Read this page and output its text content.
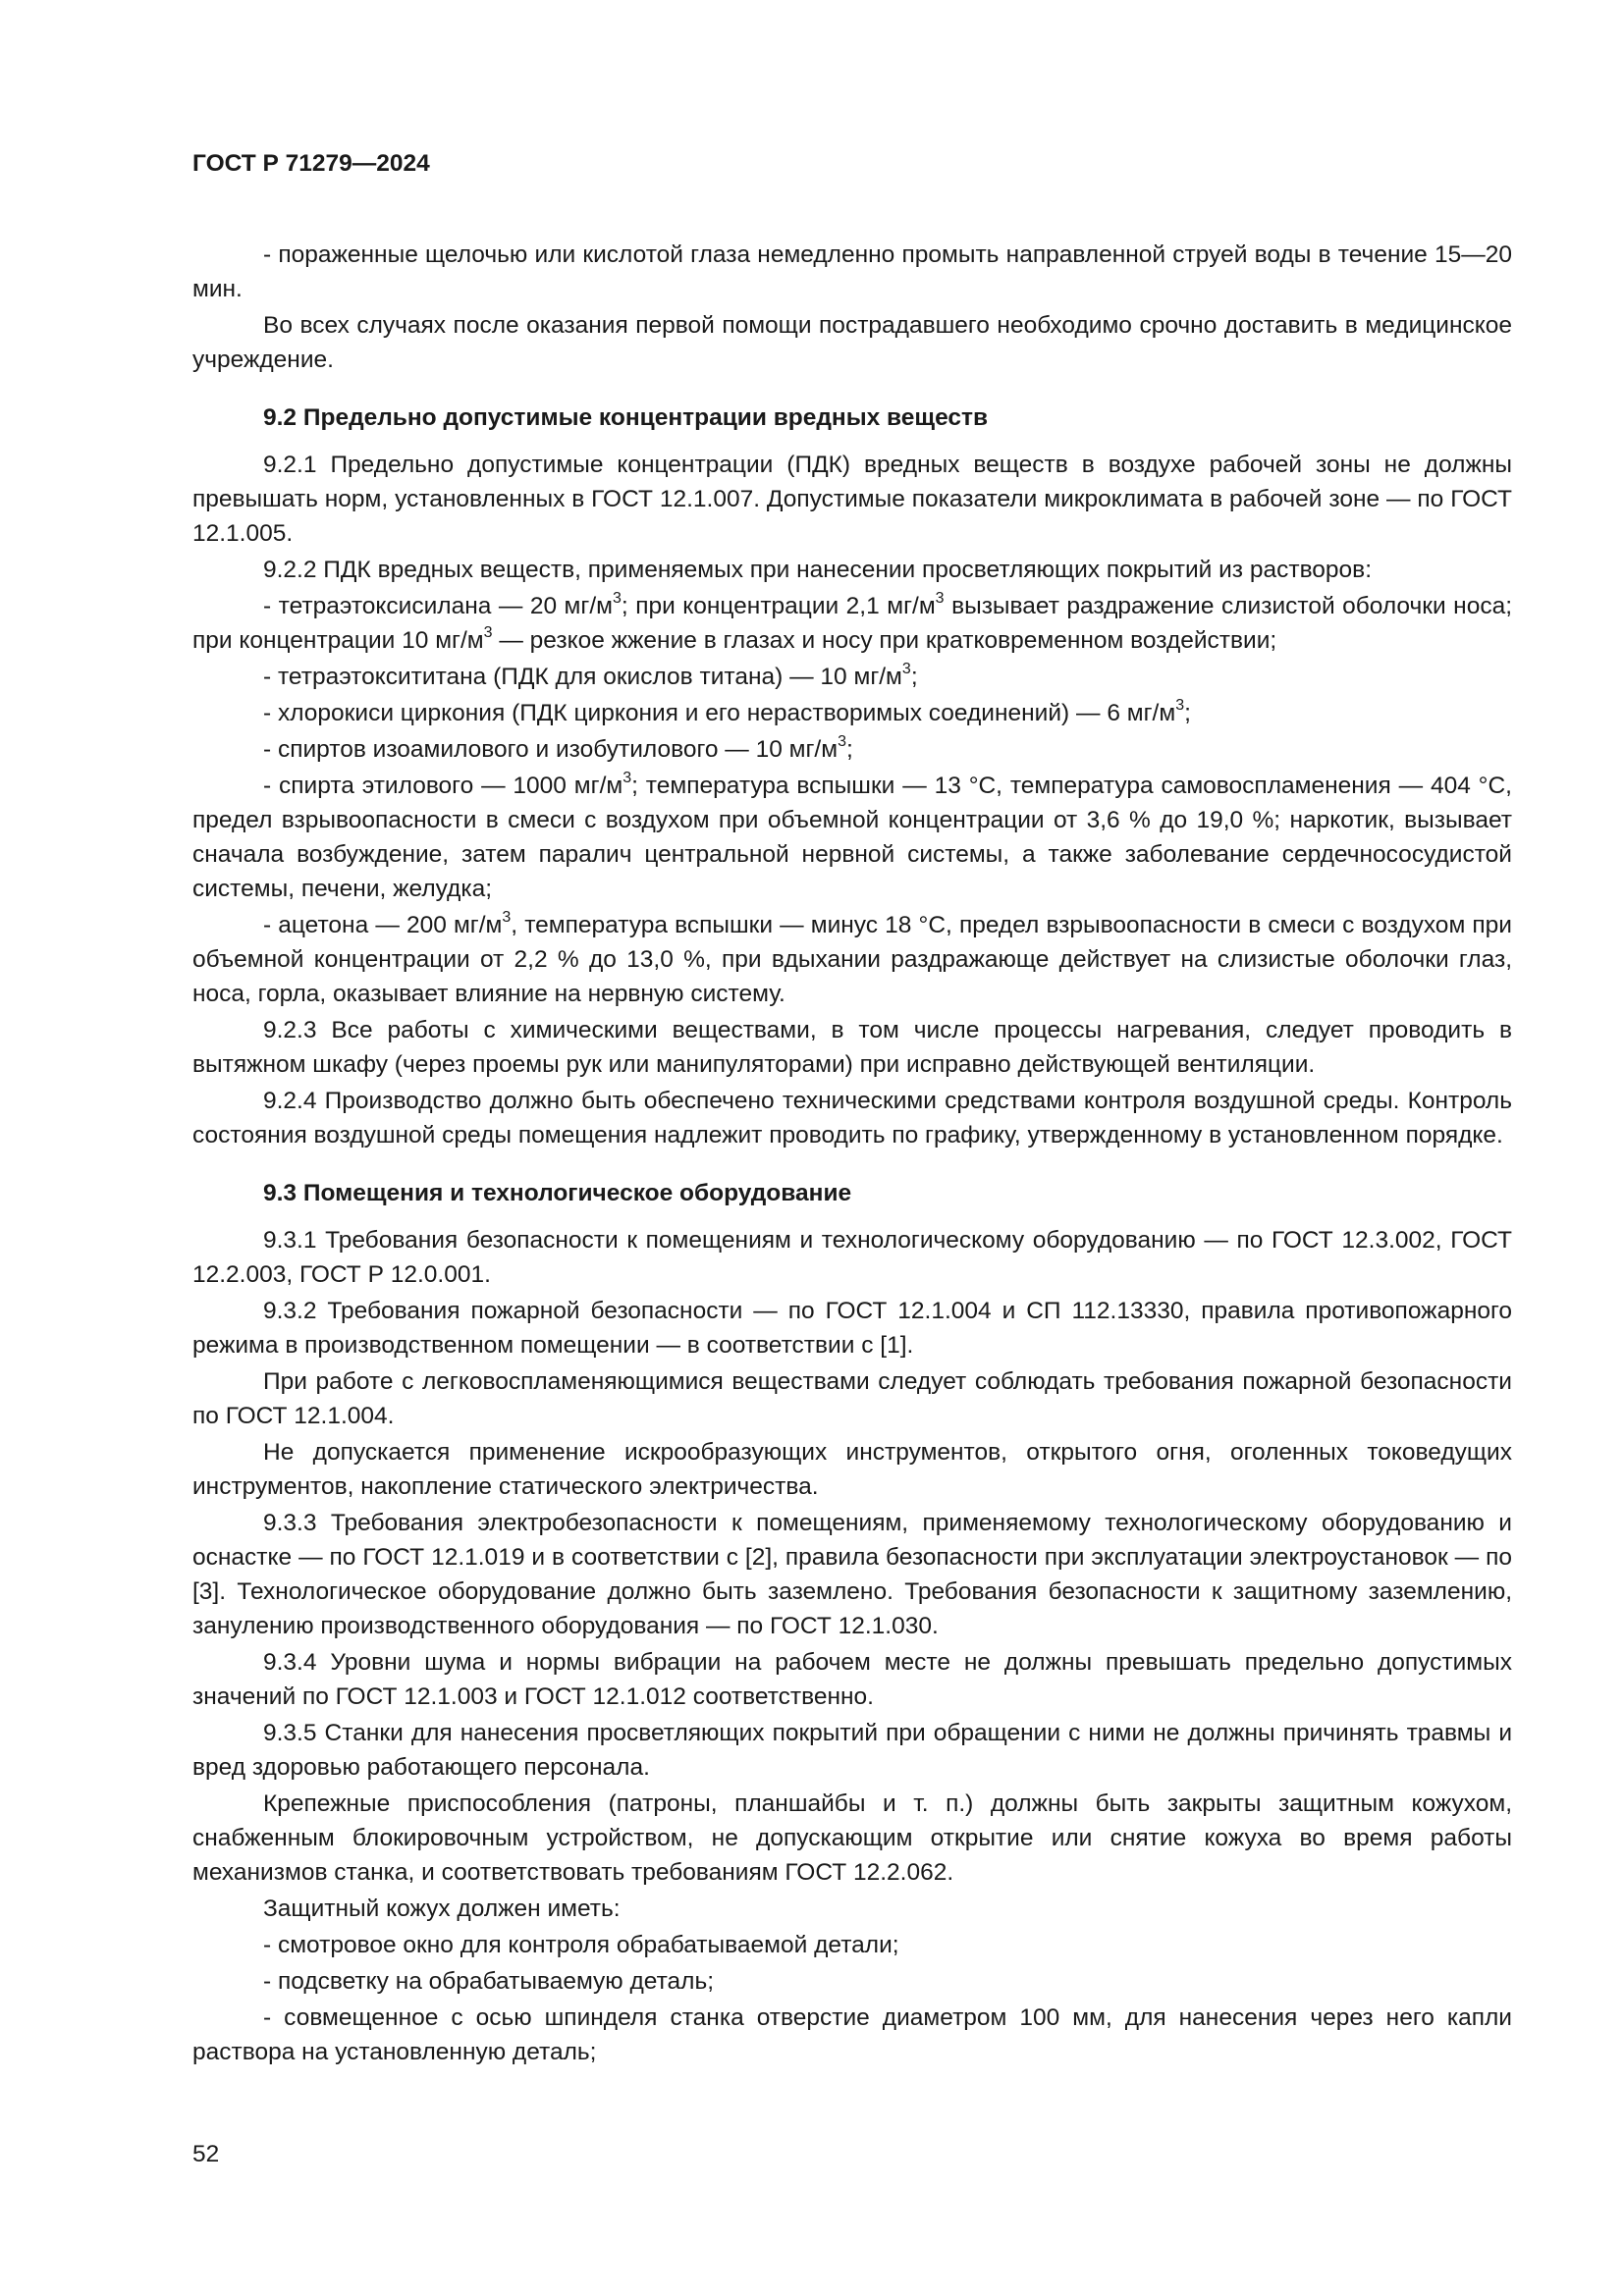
ГОСТ Р 71279—2024

- пораженные щелочью или кислотой глаза немедленно промыть направленной струей воды в течение 15—20 мин.

Во всех случаях после оказания первой помощи пострадавшего необходимо срочно доставить в медицинское учреждение.

9.2 Предельно допустимые концентрации вредных веществ

9.2.1 Предельно допустимые концентрации (ПДК) вредных веществ в воздухе рабочей зоны не должны превышать норм, установленных в ГОСТ 12.1.007. Допустимые показатели микроклимата в рабочей зоне — по ГОСТ 12.1.005.

9.2.2 ПДК вредных веществ, применяемых при нанесении просветляющих покрытий из растворов:

- тетраэтоксисилана — 20 $мг/м^3$; при концентрации 2,1 $мг/м^3$ вызывает раздражение слизистой оболочки носа; при концентрации 10 $мг/м^3$ — резкое жжение в глазах и носу при кратковременном воздействии;

- тетраэтоксититана (ПДК для окислов титана) — 10 $мг/м^3$;

- хлорокиси циркония (ПДК циркония и его нерастворимых соединений) — 6 $мг/м^3$;

- спиртов изоамилового и изобутилового — 10 $мг/м^3$;

- спирта этилового — 1000 $мг/м^3$; температура вспышки — 13 °С, температура самовоспламенения — 404 °С, предел взрывоопасности в смеси с воздухом при объемной концентрации от 3,6 % до 19,0 %; наркотик, вызывает сначала возбуждение, затем паралич центральной нервной системы, а также заболевание сердечнососудистой системы, печени, желудка;

- ацетона — 200 $мг/м^3$, температура вспышки — минус 18 °С, предел взрывоопасности в смеси с воздухом при объемной концентрации от 2,2 % до 13,0 %, при вдыхании раздражающе действует на слизистые оболочки глаз, носа, горла, оказывает влияние на нервную систему.

9.2.3 Все работы с химическими веществами, в том числе процессы нагревания, следует проводить в вытяжном шкафу (через проемы рук или манипуляторами) при исправно действующей вентиляции.

9.2.4 Производство должно быть обеспечено техническими средствами контроля воздушной среды. Контроль состояния воздушной среды помещения надлежит проводить по графику, утвержденному в установленном порядке.

9.3 Помещения и технологическое оборудование

9.3.1 Требования безопасности к помещениям и технологическому оборудованию — по ГОСТ 12.3.002, ГОСТ 12.2.003, ГОСТ Р 12.0.001.

9.3.2 Требования пожарной безопасности — по ГОСТ 12.1.004 и СП 112.13330, правила противопожарного режима в производственном помещении — в соответствии с [1].

При работе с легковоспламеняющимися веществами следует соблюдать требования пожарной безопасности по ГОСТ 12.1.004.

Не допускается применение искрообразующих инструментов, открытого огня, оголенных токоведущих инструментов, накопление статического электричества.

9.3.3 Требования электробезопасности к помещениям, применяемому технологическому оборудованию и оснастке — по ГОСТ 12.1.019 и в соответствии с [2], правила безопасности при эксплуатации электроустановок — по [3]. Технологическое оборудование должно быть заземлено. Требования безопасности к защитному заземлению, занулению производственного оборудования — по ГОСТ 12.1.030.

9.3.4 Уровни шума и нормы вибрации на рабочем месте не должны превышать предельно допустимых значений по ГОСТ 12.1.003 и ГОСТ 12.1.012 соответственно.

9.3.5 Станки для нанесения просветляющих покрытий при обращении с ними не должны причинять травмы и вред здоровью работающего персонала.

Крепежные приспособления (патроны, планшайбы и т. п.) должны быть закрыты защитным кожухом, снабженным блокировочным устройством, не допускающим открытие или снятие кожуха во время работы механизмов станка, и соответствовать требованиям ГОСТ 12.2.062.

Защитный кожух должен иметь:

- смотровое окно для контроля обрабатываемой детали;

- подсветку на обрабатываемую деталь;

- совмещенное с осью шпинделя станка отверстие диаметром 100 мм, для нанесения через него капли раствора на установленную деталь;

52
